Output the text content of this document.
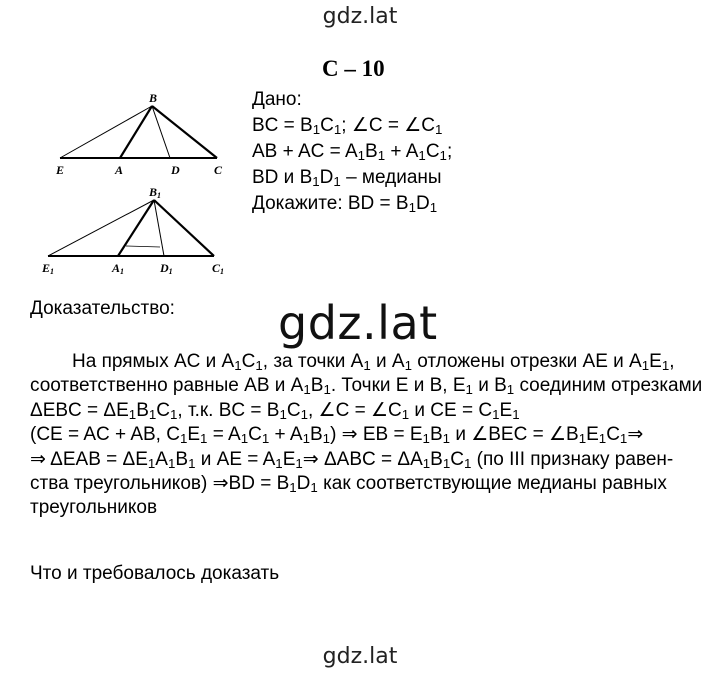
gdz.lat
С – 10
B
E	A	D	C
B1
E1	A1	D1	C1
Дано:
BC = $B_1C_1$; ∠C = $\angle C_1$
AB + AC = $A_1B_1 + A_1C_1$;
BD и $B_1D_1$ – медианы
Докажите: BD = $B_1D_1$
Доказательство: gdz.lat
На прямых AC и $A_1C_1$, за точки $A_1$ и $A_1$ отложены отрезки AE и $A_1E_1$,
соответственно равные AB и $A_1B_1$. Точки E и B, $E_1$ и $B_1$ соединим отрезками
$\Delta EBC = \Delta E_1B_1C_1$, т.к. BC = $B_1C_1$, ∠C = $\angle C_1$ и CE = $C_1E_1$
(CE = AC + AB, $C_1E_1 = A_1C_1 + A_1B_1$) ⇒ EB = $E_1B_1$ и ∠BEC = $\angle B_1E_1C_1\Rightarrow$
⇒ $\Delta EAB = \Delta E_1A_1B_1$ и AE = $A_1E_1\Rightarrow$ $\Delta ABC = \Delta A_1B_1C_1$ (по III признаку равен-
ства треугольников) ⇒BD = $B_1D_1$ как соответствующие медианы равных
треугольников
Что и требовалось доказать
gdz.lat
